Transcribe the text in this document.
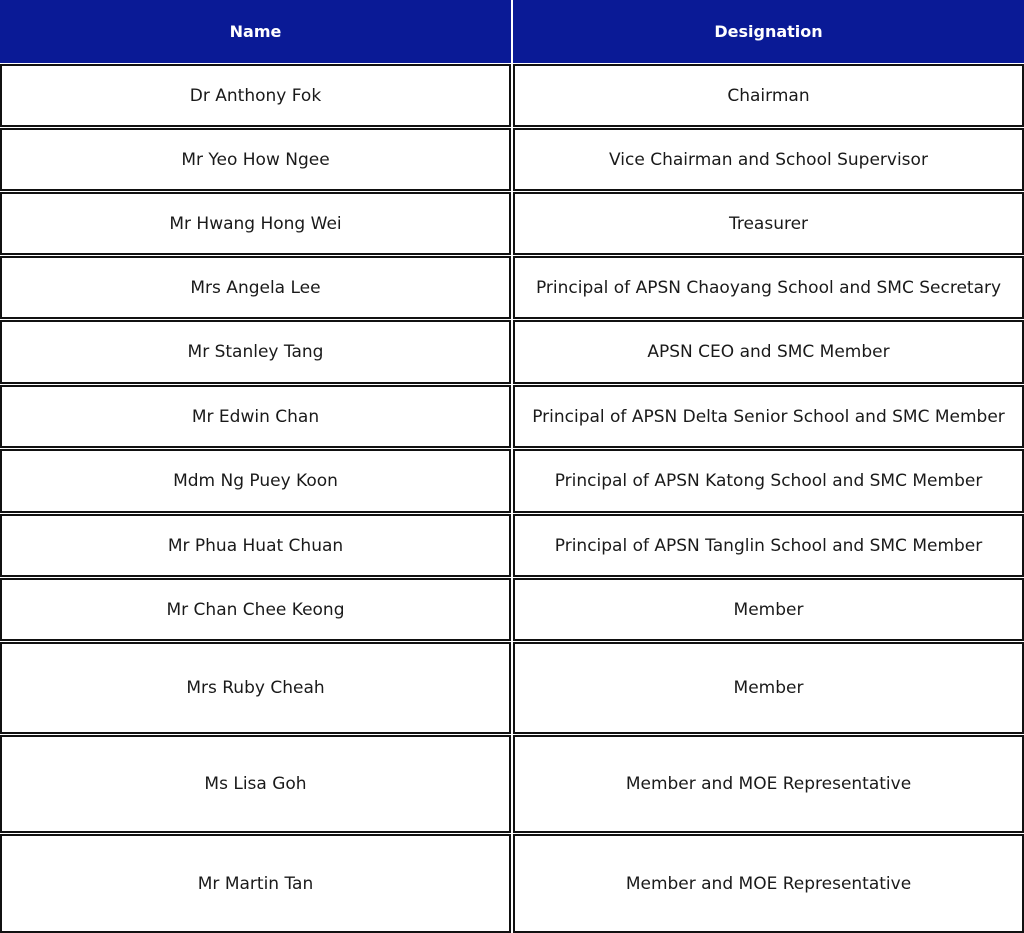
Name	Designation
Dr Anthony Fok	Chairman
Mr Yeo How Ngee	Vice Chairman and School Supervisor
Mr Hwang Hong Wei	Treasurer
Mrs Angela Lee	Principal of APSN Chaoyang School and SMC Secretary
Mr Stanley Tang	APSN CEO and SMC Member
Mr Edwin Chan	Principal of APSN Delta Senior School and SMC Member
Mdm Ng Puey Koon	Principal of APSN Katong School and SMC Member
Mr Phua Huat Chuan	Principal of APSN Tanglin School and SMC Member
Mr Chan Chee Keong	Member
Mrs Ruby Cheah	Member
Ms Lisa Goh	Member and MOE Representative
Mr Martin Tan	Member and MOE Representative
